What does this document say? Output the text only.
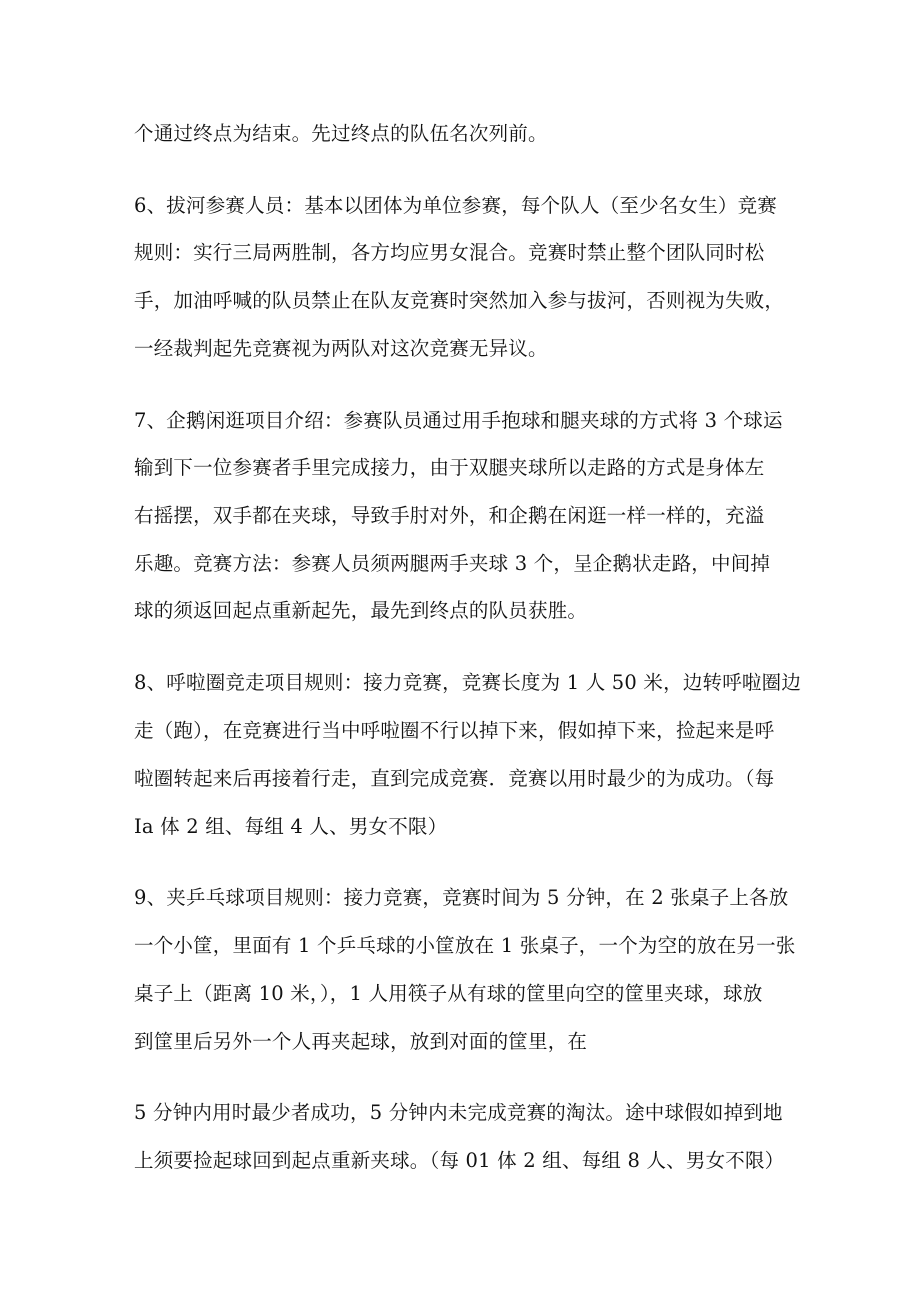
个通过终点为结束。先过终点的队伍名次列前。
6、拔河参赛人员：基本以团体为单位参赛，每个队人（至少名女生）竞赛
规则：实行三局两胜制，各方均应男女混合。竞赛时禁止整个团队同时松
手，加油呼喊的队员禁止在队友竞赛时突然加入参与拔河，否则视为失败，
一经裁判起先竞赛视为两队对这次竞赛无异议。
7、企鹅闲逛项目介绍：参赛队员通过用手抱球和腿夹球的方式将 3 个球运
输到下一位参赛者手里完成接力，由于双腿夹球所以走路的方式是身体左
右摇摆，双手都在夹球，导致手肘对外，和企鹅在闲逛一样一样的，充溢
乐趣。竞赛方法：参赛人员须两腿两手夹球 3 个，呈企鹅状走路，中间掉
球的须返回起点重新起先，最先到终点的队员获胜。
8、呼啦圈竞走项目规则：接力竞赛，竞赛长度为 1 人 50 米，边转呼啦圈边
走（跑），在竞赛进行当中呼啦圈不行以掉下来，假如掉下来，捡起来是呼
啦圈转起来后再接着行走，直到完成竞赛．竞赛以用时最少的为成功。（每
Ia 体 2 组、每组 4 人、男女不限）
9、夹乒乓球项目规则：接力竞赛，竞赛时间为 5 分钟，在 2 张桌子上各放
一个小筐，里面有 1 个乒乓球的小筐放在 1 张桌子，一个为空的放在另一张
桌子上（距离 10 米，），1 人用筷子从有球的筐里向空的筐里夹球，球放
到筐里后另外一个人再夹起球，放到对面的筐里，在
5 分钟内用时最少者成功，5 分钟内未完成竞赛的淘汰。途中球假如掉到地
上须要捡起球回到起点重新夹球。（每 01 体 2 组、每组 8 人、男女不限）
